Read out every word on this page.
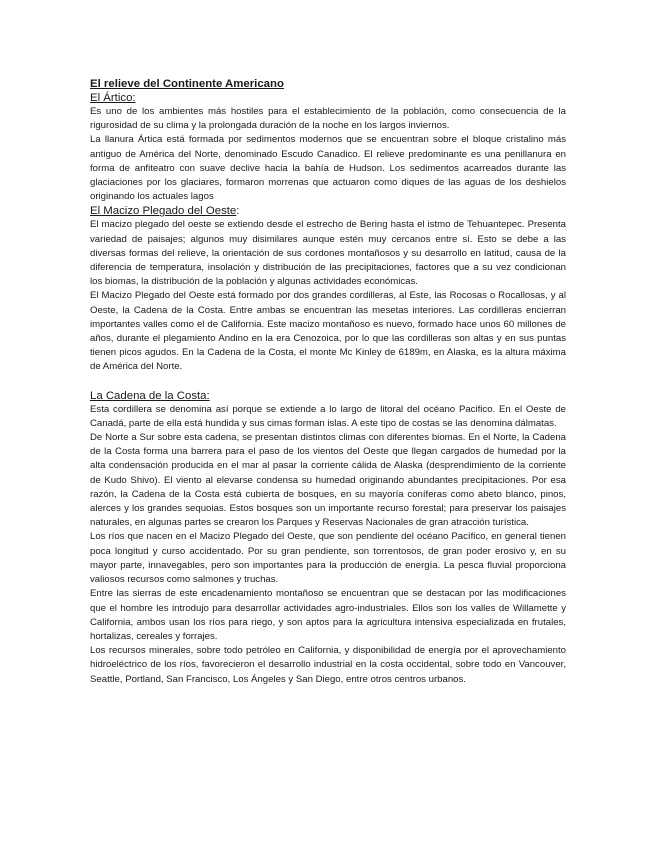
El relieve del Continente Americano
El Ártico:

Es uno de los ambientes más hostiles para el establecimiento de la población, como consecuencia de la rigurosidad de su clima y la prolongada duración de la noche en los largos inviernos.

La llanura Ártica está formada por sedimentos modernos que se encuentran sobre el bloque cristalino más antiguo de América del Norte, denominado Escudo Canadico. El relieve predominante es una penillanura en forma de anfiteatro con suave declive hacia la bahía de Hudson. Los sedimentos acarreados durante las glaciaciones por los glaciares, formaron morrenas que actuaron como diques de las aguas de los deshielos originando los actuales lagos

El Macizo Plegado del Oeste:

El macizo plegado del oeste se extiendo desde el estrecho de Bering hasta el istmo de Tehuantepec. Presenta variedad de paisajes; algunos muy disimilares aunque estén muy cercanos entre sí. Esto se debe a las diversas formas del relieve, la orientación de sus cordones montañosos y su desarrollo en latitud, causa de la diferencia de temperatura, insolación y distribución de las precipitaciones, factores que a su vez condicionan los biomas, la distribución de la población y algunas actividades económicas.

El Macizo Plegado del Oeste está formado por dos grandes cordilleras, al Este, las Rocosas o Rocallosas, y al Oeste, la Cadena de la Costa. Entre ambas se encuentran las mesetas interiores. Las cordilleras encierran importantes valles como el de California. Este macizo montañoso es nuevo, formado hace unos 60 millones de años, durante el plegamiento Andino en la era Cenozoica, por lo que las cordilleras son altas y en sus puntas tienen picos agudos. En la Cadena de la Costa, el monte Mc Kinley de 6189m, en Alaska, es la altura máxima de América del Norte.

La Cadena de la Costa:

Esta cordillera se denomina así porque se extiende a lo largo de litoral del océano Pacifico. En el Oeste de Canadá, parte de ella está hundida y sus cimas forman islas. A este tipo de costas se las denomina dálmatas.

De Norte a Sur sobre esta cadena, se presentan distintos climas con diferentes biomas. En el Norte, la Cadena de la Costa forma una barrera para el paso de los vientos del Oeste que llegan cargados de humedad por la alta condensación producida en el mar al pasar la corriente cálida de Alaska (desprendimiento de la corriente de Kudo Shivo). El viento al elevarse condensa su humedad originando abundantes precipitaciones. Por esa razón, la Cadena de la Costa está cubierta de bosques, en su mayoría coníferas como abeto blanco, pinos, alerces y los grandes sequoias. Estos bosques son un importante recurso forestal; para preservar los paisajes naturales, en algunas partes se crearon los Parques y Reservas Nacionales de gran atracción turística.

Los ríos que nacen en el Macizo Plegado del Oeste, que son pendiente del océano Pacífico, en general tienen poca longitud y curso accidentado. Por su gran pendiente, son torrentosos, de gran poder erosivo y, en su mayor parte, innavegables, pero son importantes para la producción de energía. La pesca fluvial proporciona valiosos recursos como salmones y truchas.

Entre las sierras de este encadenamiento montañoso se encuentran que se destacan por las modificaciones que el hombre les introdujo para desarrollar actividades agro-industriales. Ellos son los valles de Willamette y California, ambos usan los ríos para riego, y son aptos para la agricultura intensiva especializada en frutales, hortalizas, cereales y forrajes.

Los recursos minerales, sobre todo petróleo en California, y disponibilidad de energía por el aprovechamiento hidroeléctrico de los ríos, favorecieron el desarrollo industrial en la costa occidental, sobre todo en Vancouver, Seattle, Portland, San Francisco, Los Ángeles y San Diego, entre otros centros urbanos.
